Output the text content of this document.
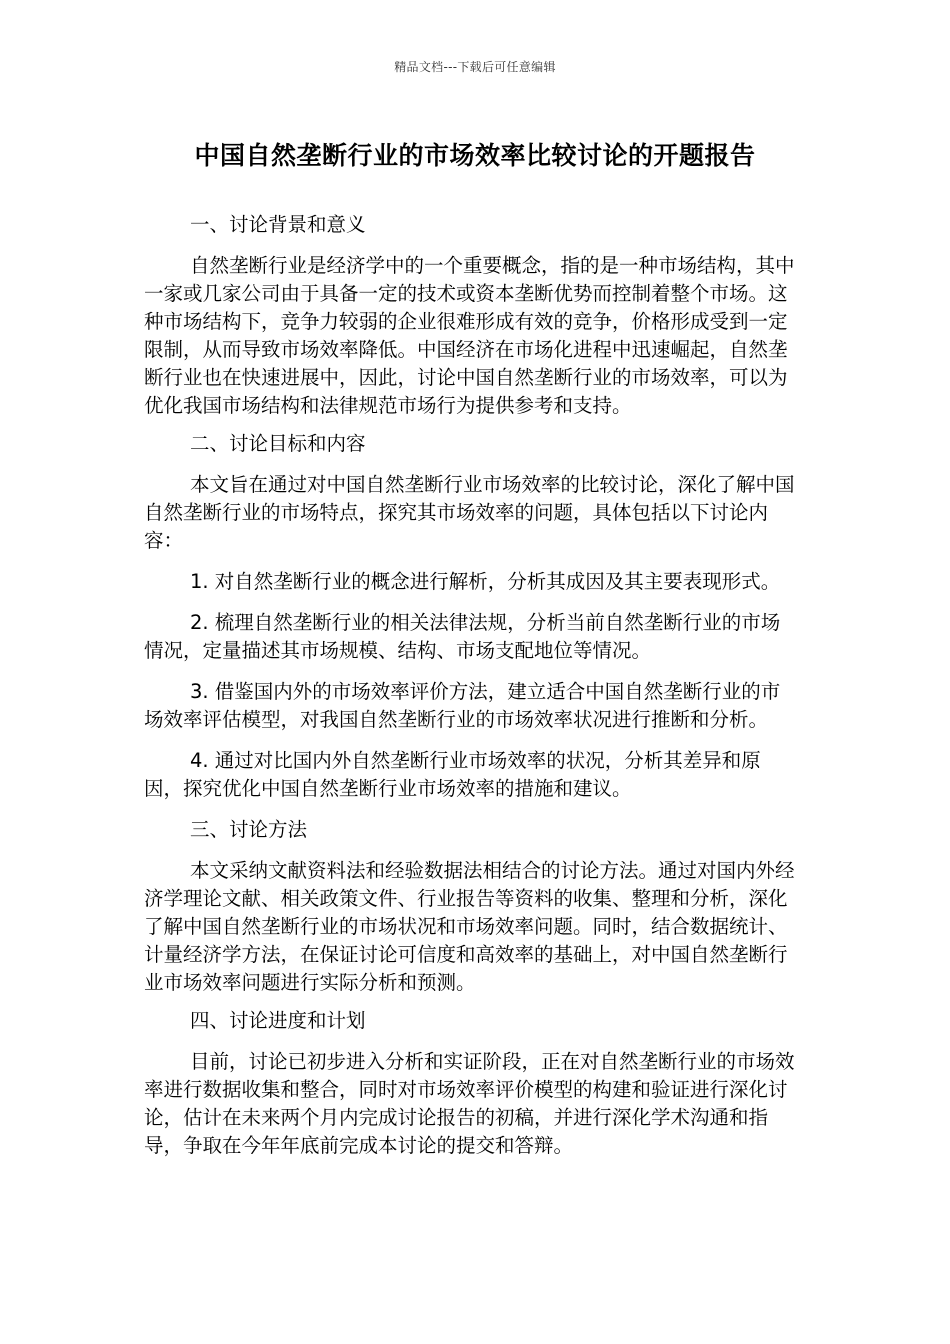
精品文档---下载后可任意编辑
中国自然垄断行业的市场效率比较讨论的开题报告
一、讨论背景和意义
自然垄断行业是经济学中的一个重要概念，指的是一种市场结构，其中一家或几家公司由于具备一定的技术或资本垄断优势而控制着整个市场。这种市场结构下，竞争力较弱的企业很难形成有效的竞争，价格形成受到一定限制，从而导致市场效率降低。中国经济在市场化进程中迅速崛起，自然垄断行业也在快速进展中，因此，讨论中国自然垄断行业的市场效率，可以为优化我国市场结构和法律规范市场行为提供参考和支持。
二、讨论目标和内容
本文旨在通过对中国自然垄断行业市场效率的比较讨论，深化了解中国自然垄断行业的市场特点，探究其市场效率的问题，具体包括以下讨论内容：
1. 对自然垄断行业的概念进行解析，分析其成因及其主要表现形式。
2. 梳理自然垄断行业的相关法律法规，分析当前自然垄断行业的市场情况，定量描述其市场规模、结构、市场支配地位等情况。
3. 借鉴国内外的市场效率评价方法，建立适合中国自然垄断行业的市场效率评估模型，对我国自然垄断行业的市场效率状况进行推断和分析。
4. 通过对比国内外自然垄断行业市场效率的状况，分析其差异和原因，探究优化中国自然垄断行业市场效率的措施和建议。
三、讨论方法
本文采纳文献资料法和经验数据法相结合的讨论方法。通过对国内外经济学理论文献、相关政策文件、行业报告等资料的收集、整理和分析，深化了解中国自然垄断行业的市场状况和市场效率问题。同时，结合数据统计、计量经济学方法，在保证讨论可信度和高效率的基础上，对中国自然垄断行业市场效率问题进行实际分析和预测。
四、讨论进度和计划
目前，讨论已初步进入分析和实证阶段，正在对自然垄断行业的市场效率进行数据收集和整合，同时对市场效率评价模型的构建和验证进行深化讨论，估计在未来两个月内完成讨论报告的初稿，并进行深化学术沟通和指导，争取在今年年底前完成本讨论的提交和答辩。
